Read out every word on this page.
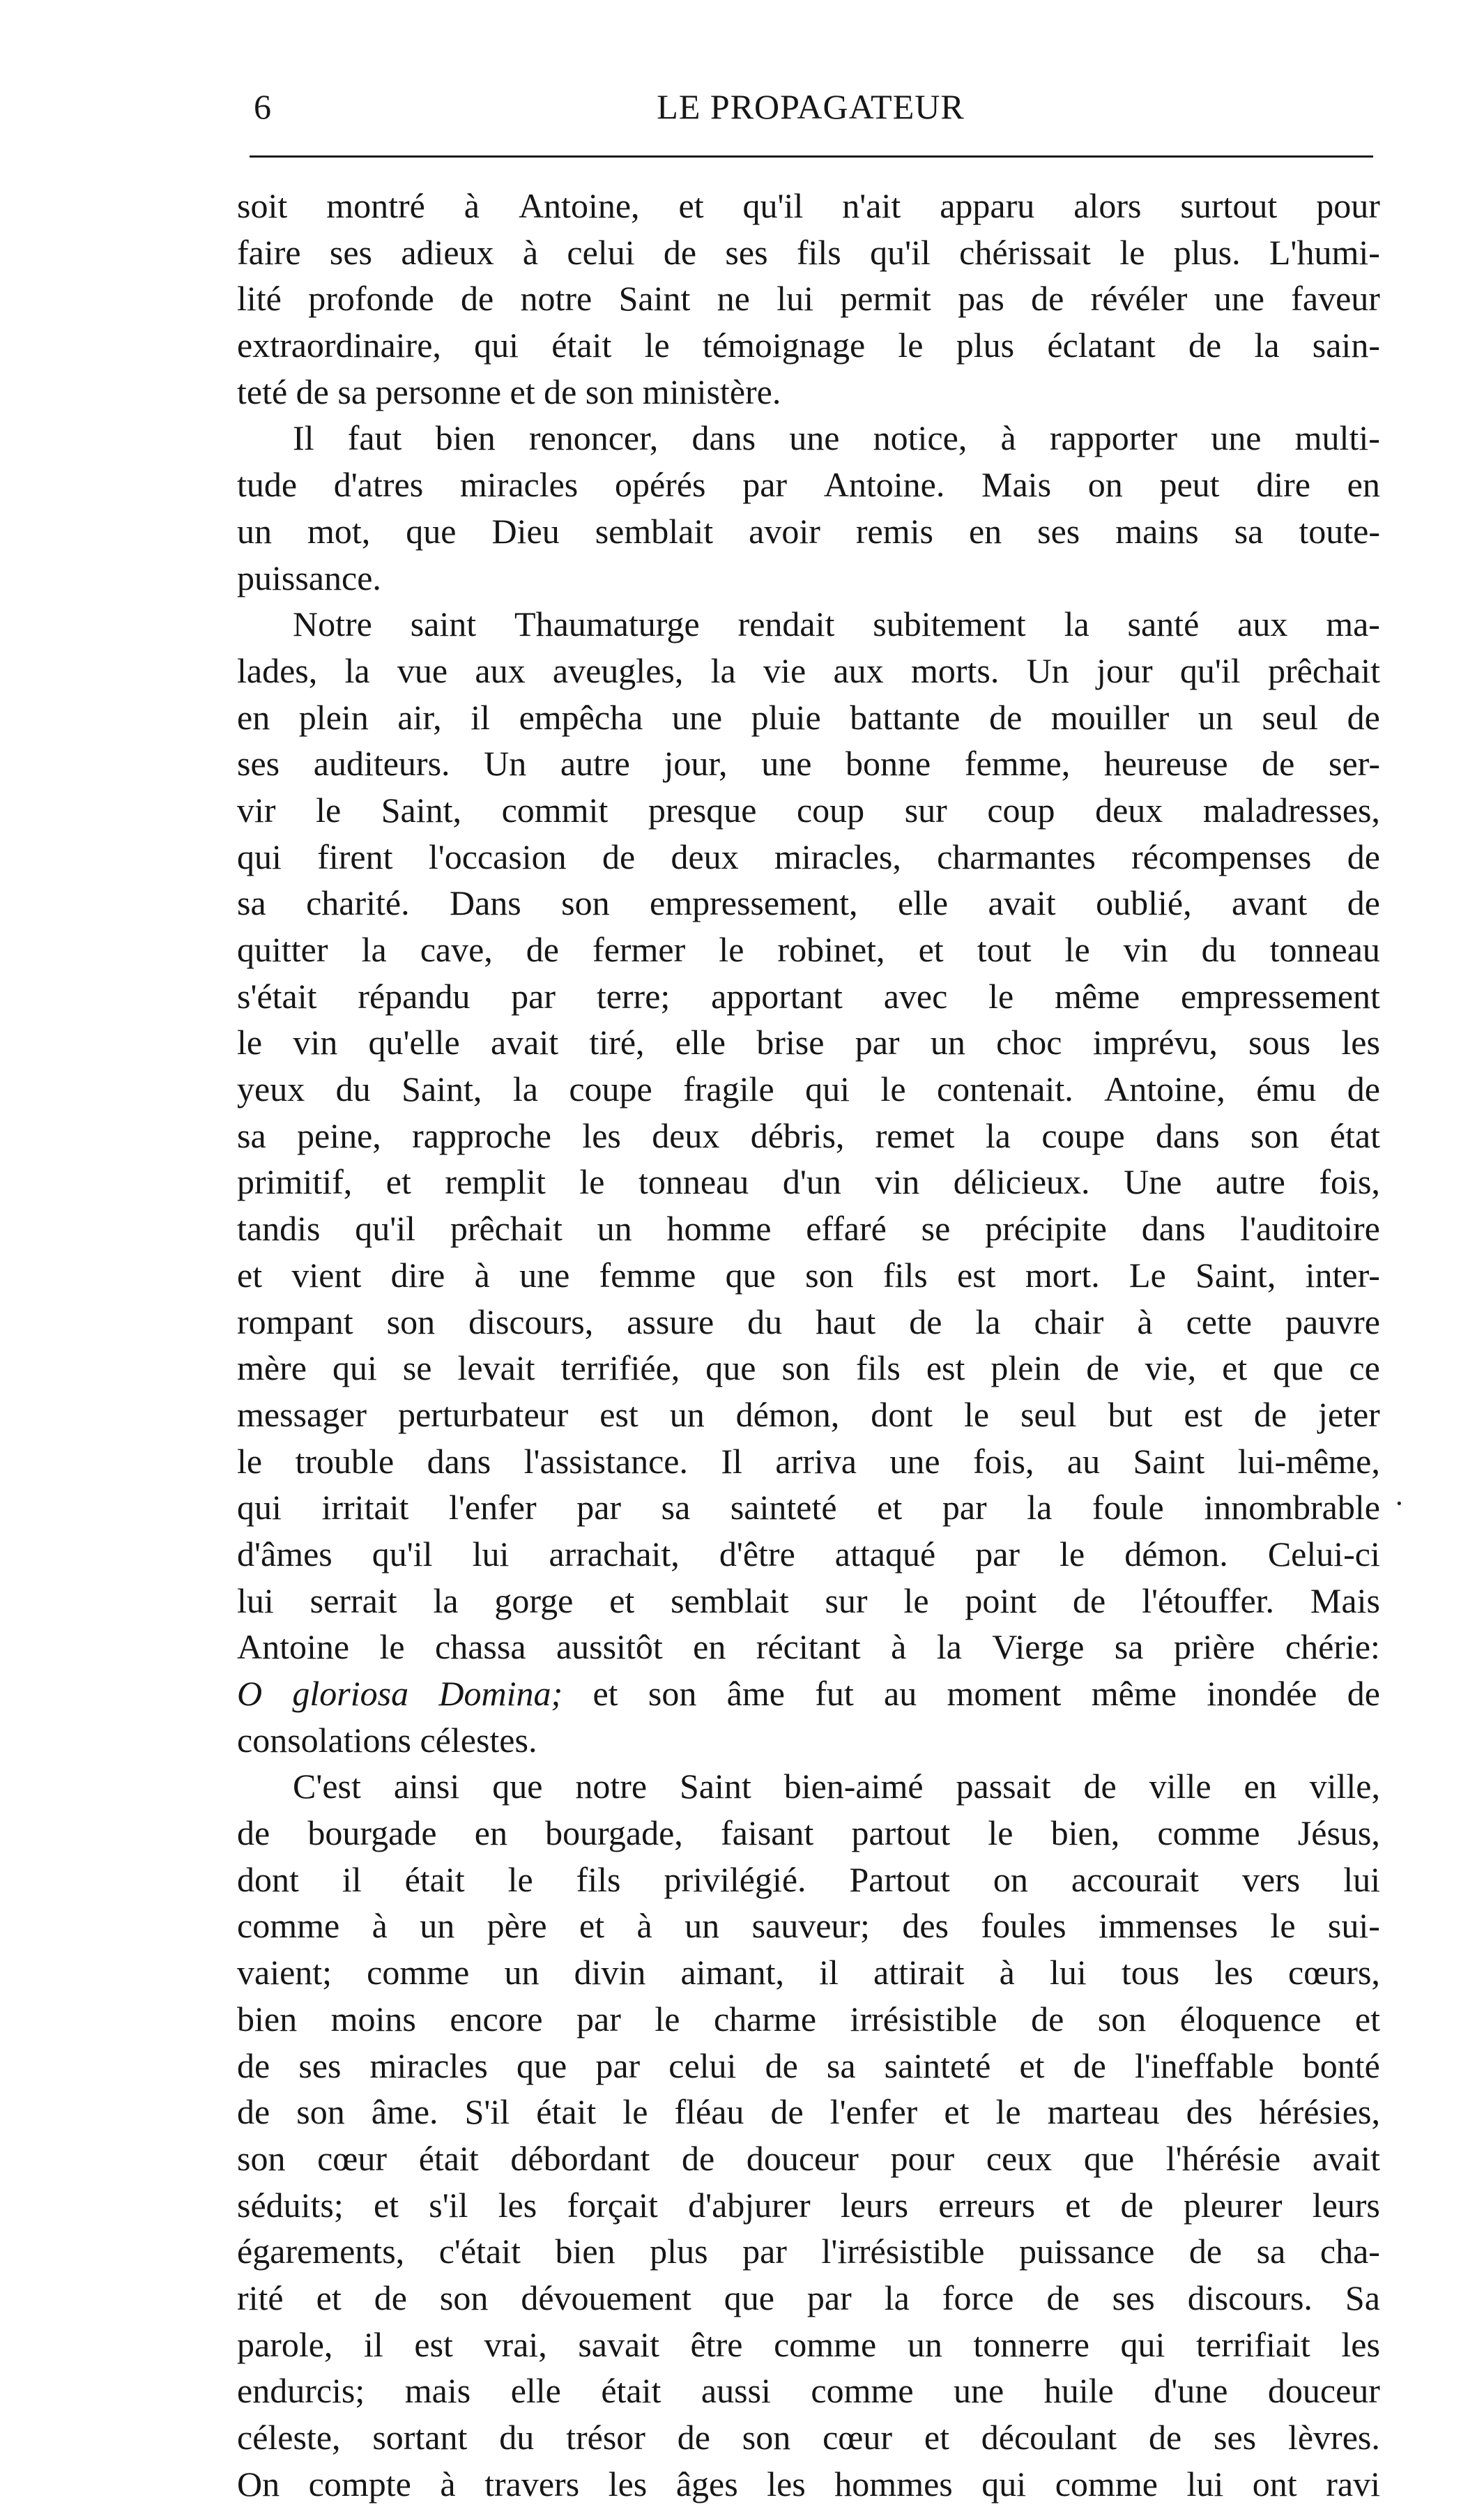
6	LE PROPAGATEUR
soit montré à Antoine, et qu'il n'ait apparu alors surtout pour
faire ses adieux à celui de ses fils qu'il chérissait le plus. L'humi-
lité profonde de notre Saint ne lui permit pas de révéler une faveur
extraordinaire, qui était le témoignage le plus éclatant de la sain-
teté de sa personne et de son ministère.
Il faut bien renoncer, dans une notice, à rapporter une multi-
tude d'atres miracles opérés par Antoine. Mais on peut dire en
un mot, que Dieu semblait avoir remis en ses mains sa toute-
puissance.
Notre saint Thaumaturge rendait subitement la santé aux ma-
lades, la vue aux aveugles, la vie aux morts. Un jour qu'il prêchait
en plein air, il empêcha une pluie battante de mouiller un seul de
ses auditeurs. Un autre jour, une bonne femme, heureuse de ser-
vir le Saint, commit presque coup sur coup deux maladresses,
qui firent l'occasion de deux miracles, charmantes récompenses de
sa charité. Dans son empressement, elle avait oublié, avant de
quitter la cave, de fermer le robinet, et tout le vin du tonneau
s'était répandu par terre; apportant avec le même empressement
le vin qu'elle avait tiré, elle brise par un choc imprévu, sous les
yeux du Saint, la coupe fragile qui le contenait. Antoine, ému de
sa peine, rapproche les deux débris, remet la coupe dans son état
primitif, et remplit le tonneau d'un vin délicieux. Une autre fois,
tandis qu'il prêchait un homme effaré se précipite dans l'auditoire
et vient dire à une femme que son fils est mort. Le Saint, inter-
rompant son discours, assure du haut de la chair à cette pauvre
mère qui se levait terrifiée, que son fils est plein de vie, et que ce
messager perturbateur est un démon, dont le seul but est de jeter
le trouble dans l'assistance. Il arriva une fois, au Saint lui-même,
qui irritait l'enfer par sa sainteté et par la foule innombrable
d'âmes qu'il lui arrachait, d'être attaqué par le démon. Celui-ci
lui serrait la gorge et semblait sur le point de l'étouffer. Mais
Antoine le chassa aussitôt en récitant à la Vierge sa prière chérie:
O gloriosa Domina; et son âme fut au moment même inondée de
consolations célestes.
C'est ainsi que notre Saint bien-aimé passait de ville en ville,
de bourgade en bourgade, faisant partout le bien, comme Jésus,
dont il était le fils privilégié. Partout on accourait vers lui
comme à un père et à un sauveur; des foules immenses le sui-
vaient; comme un divin aimant, il attirait à lui tous les cœurs,
bien moins encore par le charme irrésistible de son éloquence et
de ses miracles que par celui de sa sainteté et de l'ineffable bonté
de son âme. S'il était le fléau de l'enfer et le marteau des hérésies,
son cœur était débordant de douceur pour ceux que l'hérésie avait
séduits; et s'il les forçait d'abjurer leurs erreurs et de pleurer leurs
égarements, c'était bien plus par l'irrésistible puissance de sa cha-
rité et de son dévouement que par la force de ses discours. Sa
parole, il est vrai, savait être comme un tonnerre qui terrifiait les
endurcis; mais elle était aussi comme une huile d'une douceur
céleste, sortant du trésor de son cœur et découlant de ses lèvres.
On compte à travers les âges les hommes qui comme lui ont ravi
·
